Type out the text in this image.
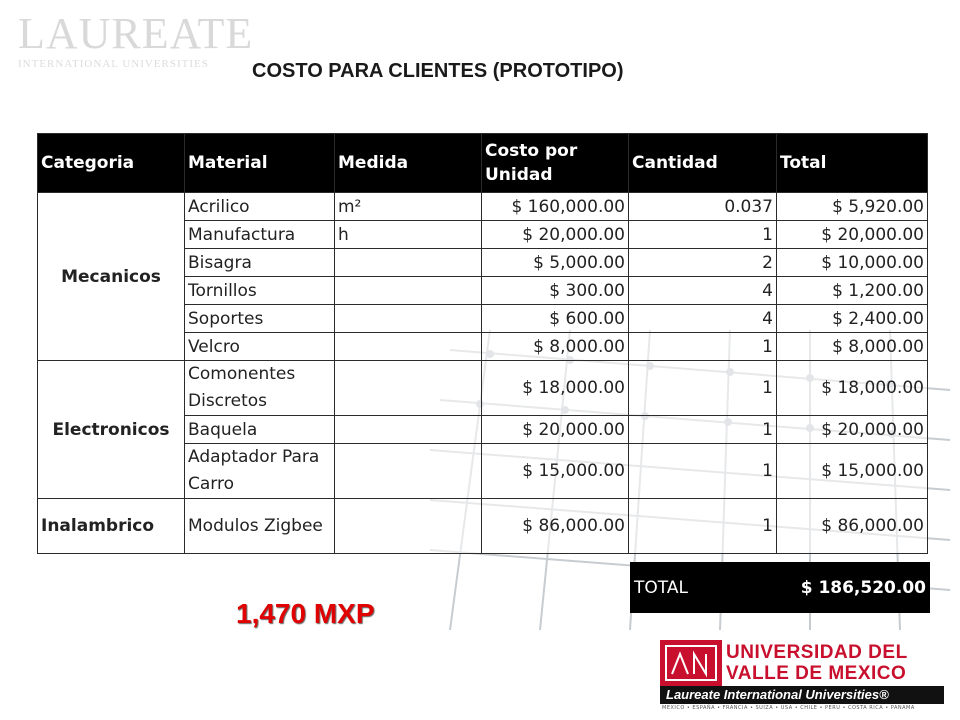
LAUREATE
INTERNATIONAL UNIVERSITIES	COSTO PARA CLIENTES (PROTOTIPO)
Categoria	Material	Medida	Costo por Unidad	Cantidad	Total
Mecanicos	Acrilico	m²	$ 160,000.00	0.037	$ 5,920.00
	Manufactura	h	$ 20,000.00	1	$ 20,000.00
	Bisagra		$ 5,000.00	2	$ 10,000.00
	Tornillos		$ 300.00	4	$ 1,200.00
	Soportes		$ 600.00	4	$ 2,400.00
	Velcro		$ 8,000.00	1	$ 8,000.00
Electronicos	Comonentes Discretos		$ 18,000.00	1	$ 18,000.00
	Baquela		$ 20,000.00	1	$ 20,000.00
	Adaptador Para Carro		$ 15,000.00	1	$ 15,000.00
Inalambrico	Modulos Zigbee		$ 86,000.00	1	$ 86,000.00
TOTAL	$ 186,520.00
1,470 MXP
UNIVERSIDAD DEL
VALLE DE MEXICO
Laureate International Universities®
MEXICO • ESPAÑA • FRANCIA • SUIZA • USA • CHILE • PERU • COSTA RICA • PANAMA
